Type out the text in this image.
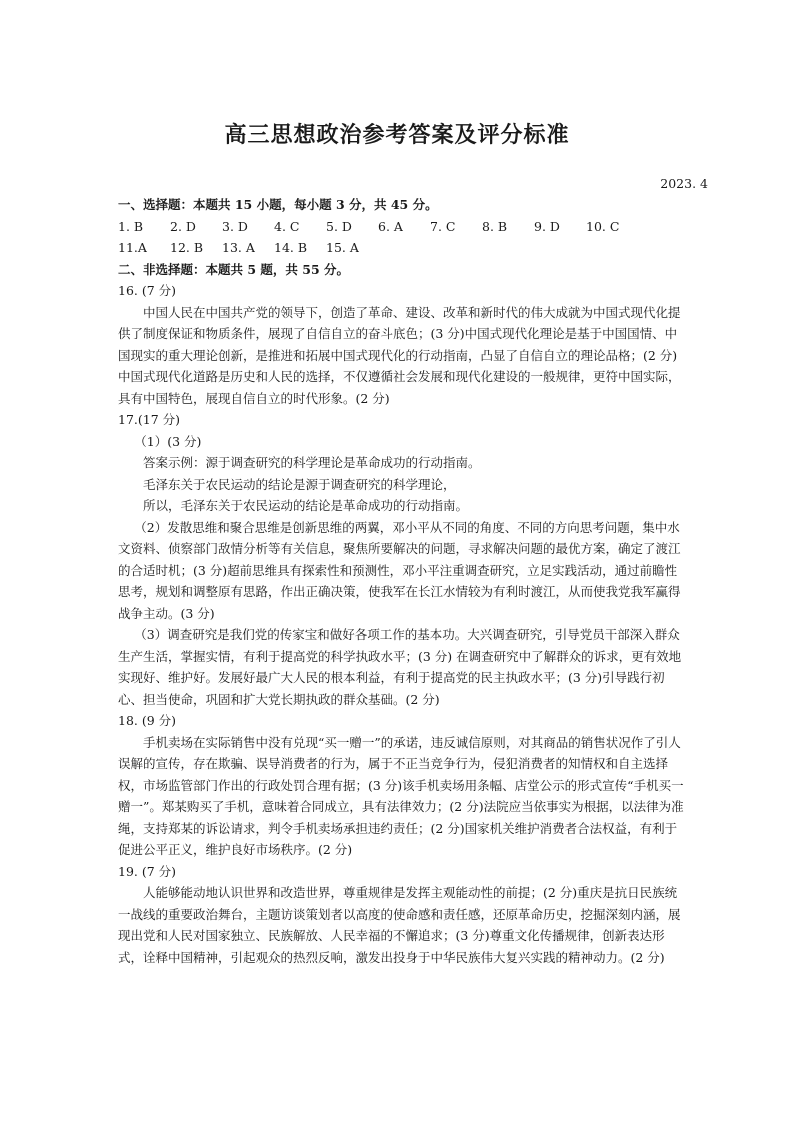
高三思想政治参考答案及评分标准
2023. 4

一、选择题：本题共 15 小题，每小题 3 分，共 45 分。

1. B	2. D	3. D	4. C	5. D	6. A	7. C	8. B	9. D	10. C
11.A	12. B	13. A	14. B	15. A

二、非选择题：本题共 5 题，共 55 分。

16. (7 分)

中国人民在中国共产党的领导下，创造了革命、建设、改革和新时代的伟大成就为中国式现代化提供了制度保证和物质条件，展现了自信自立的奋斗底色；(3 分)中国式现代化理论是基于中国国情、中国现实的重大理论创新，是推进和拓展中国式现代化的行动指南，凸显了自信自立的理论品格；(2 分)中国式现代化道路是历史和人民的选择，不仅遵循社会发展和现代化建设的一般规律，更符中国实际，具有中国特色，展现自信自立的时代形象。(2 分)

17.(17 分)

（1）(3 分)

答案示例：源于调查研究的科学理论是革命成功的行动指南。

毛泽东关于农民运动的结论是源于调查研究的科学理论，

所以，毛泽东关于农民运动的结论是革命成功的行动指南。

（2）发散思维和聚合思维是创新思维的两翼，邓小平从不同的角度、不同的方向思考问题，集中水文资料、侦察部门敌情分析等有关信息，聚焦所要解决的问题，寻求解决问题的最优方案，确定了渡江的合适时机；(3 分)超前思维具有探索性和预测性，邓小平注重调查研究，立足实践活动，通过前瞻性思考，规划和调整原有思路，作出正确决策，使我军在长江水情较为有利时渡江，从而使我党我军赢得战争主动。(3 分)

（3）调查研究是我们党的传家宝和做好各项工作的基本功。大兴调查研究，引导党员干部深入群众生产生活，掌握实情，有利于提高党的科学执政水平；(3 分) 在调查研究中了解群众的诉求，更有效地实现好、维护好。发展好最广大人民的根本利益，有利于提高党的民主执政水平；(3 分)引导践行初心、担当使命，巩固和扩大党长期执政的群众基础。(2 分)

18. (9 分)

手机卖场在实际销售中没有兑现“买一赠一”的承诺，违反诚信原则，对其商品的销售状况作了引人误解的宣传，存在欺骗、误导消费者的行为，属于不正当竞争行为，侵犯消费者的知情权和自主选择权，市场监管部门作出的行政处罚合理有据；(3 分)该手机卖场用条幅、店堂公示的形式宣传“手机买一赠一”。郑某购买了手机，意味着合同成立，具有法律效力；(2 分)法院应当依事实为根据，以法律为准绳，支持郑某的诉讼请求，判令手机卖场承担违约责任；(2 分)国家机关维护消费者合法权益，有利于促进公平正义，维护良好市场秩序。(2 分)

19. (7 分)

人能够能动地认识世界和改造世界，尊重规律是发挥主观能动性的前提；(2 分)重庆是抗日民族统一战线的重要政治舞台，主题访谈策划者以高度的使命感和责任感，还原革命历史，挖掘深刻内涵，展现出党和人民对国家独立、民族解放、人民幸福的不懈追求；(3 分)尊重文化传播规律，创新表达形式，诠释中国精神，引起观众的热烈反响，激发出投身于中华民族伟大复兴实践的精神动力。(2 分)
